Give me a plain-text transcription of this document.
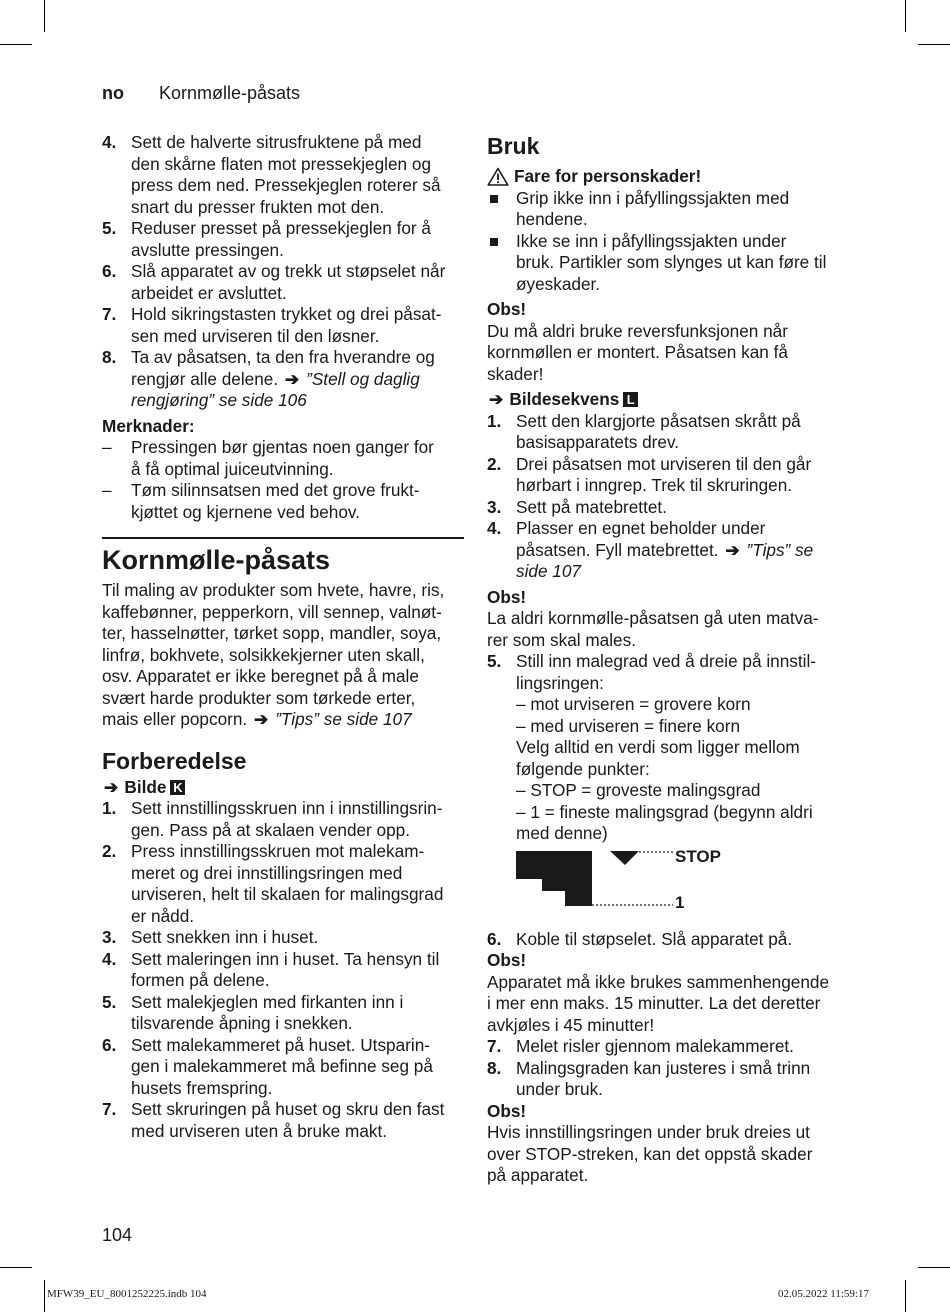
no	Kornmølle-påsats
4. Sett de halverte sitrusfruktene på med
den skårne flaten mot pressekjeglen og
press dem ned. Pressekjeglen roterer så
snart du presser frukten mot den.
5. Reduser presset på pressekjeglen for å
avslutte pressingen.
6. Slå apparatet av og trekk ut støpselet når
arbeidet er avsluttet.
7. Hold sikringstasten trykket og drei påsat-
sen med urviseren til den løsner.
8. Ta av påsatsen, ta den fra hverandre og
rengjør alle delene. ➔ ”Stell og daglig
rengjøring” se side 106
Merknader:
– Pressingen bør gjentas noen ganger for
å få optimal juiceutvinning.
– Tøm silinnsatsen med det grove frukt-
kjøttet og kjernene ved behov.
Kornmølle-påsats
Til maling av produkter som hvete, havre, ris,
kaffebønner, pepperkorn, vill sennep, valnøt-
ter, hasselnøtter, tørket sopp, mandler, soya,
linfrø, bokhvete, solsikkekjerner uten skall,
osv. Apparatet er ikke beregnet på å male
svært harde produkter som tørkede erter,
mais eller popcorn. ➔ ”Tips” se side 107
Forberedelse
➔ Bilde K
1. Sett innstillingsskruen inn i innstillingsrin-
gen. Pass på at skalaen vender opp.
2. Press innstillingsskruen mot malekam-
meret og drei innstillingsringen med
urviseren, helt til skalaen for malingsgrad
er nådd.
3. Sett snekken inn i huset.
4. Sett maleringen inn i huset. Ta hensyn til
formen på delene.
5. Sett malekjeglen med firkanten inn i
tilsvarende åpning i snekken.
6. Sett malekammeret på huset. Utsparin-
gen i malekammeret må befinne seg på
husets fremspring.
7. Sett skruringen på huset og skru den fast
med urviseren uten å bruke makt.
Bruk
Fare for personskader!
Grip ikke inn i påfyllingssjakten med
hendene.
Ikke se inn i påfyllingssjakten under
bruk. Partikler som slynges ut kan føre til
øyeskader.
Obs!
Du må aldri bruke reversfunksjonen når
kornmøllen er montert. Påsatsen kan få
skader!
➔ Bildesekvens L
1. Sett den klargjorte påsatsen skrått på
basisapparatets drev.
2. Drei påsatsen mot urviseren til den går
hørbart i inngrep. Trek til skruringen.
3. Sett på matebrettet.
4. Plasser en egnet beholder under
påsatsen. Fyll matebrettet. ➔ ”Tips” se
side 107
Obs!
La aldri kornmølle-påsatsen gå uten matva-
rer som skal males.
5. Still inn malegrad ved å dreie på innstil-
lingsringen:
– mot urviseren = grovere korn
– med urviseren = finere korn
Velg alltid en verdi som ligger mellom
følgende punkter:
– STOP = groveste malingsgrad
– 1 = fineste malingsgrad (begynn aldri
med denne)
STOP
1
6. Koble til støpselet. Slå apparatet på.
Obs!
Apparatet må ikke brukes sammenhengende
i mer enn maks. 15 minutter. La det deretter
avkjøles i 45 minutter!
7. Melet risler gjennom malekammeret.
8. Malingsgraden kan justeres i små trinn
under bruk.
Obs!
Hvis innstillingsringen under bruk dreies ut
over STOP-streken, kan det oppstå skader
på apparatet.
104
MFW39_EU_8001252225.indb 104	02.05.2022 11:59:17
